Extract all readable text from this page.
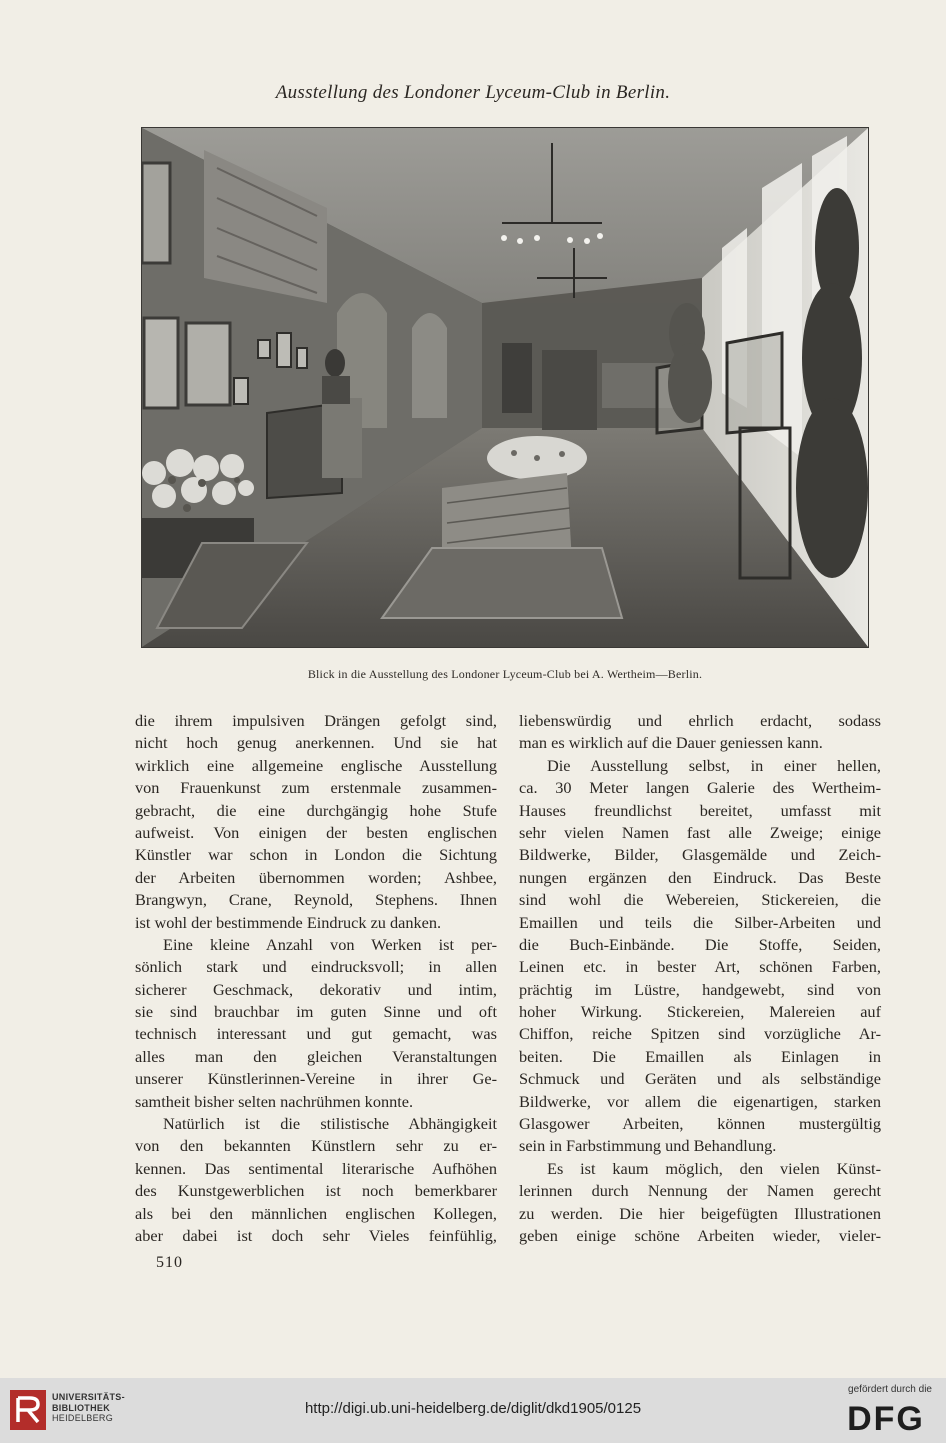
Ausstellung des Londoner Lyceum-Club in Berlin.
Blick in die Ausstellung des Londoner Lyceum-Club bei A. Wertheim—Berlin.
die ihrem impulsiven Drängen gefolgt sind,
nicht hoch genug anerkennen. Und sie hat
wirklich eine allgemeine englische Ausstellung
von Frauenkunst zum erstenmale zusammen-
gebracht, die eine durchgängig hohe Stufe
aufweist. Von einigen der besten englischen
Künstler war schon in London die Sichtung
der Arbeiten übernommen worden; Ashbee,
Brangwyn, Crane, Reynold, Stephens. Ihnen
ist wohl der bestimmende Eindruck zu danken.
Eine kleine Anzahl von Werken ist per-
sönlich stark und eindrucksvoll; in allen
sicherer Geschmack, dekorativ und intim,
sie sind brauchbar im guten Sinne und oft
technisch interessant und gut gemacht, was
alles man den gleichen Veranstaltungen
unserer Künstlerinnen-Vereine in ihrer Ge-
samtheit bisher selten nachrühmen konnte.
Natürlich ist die stilistische Abhängigkeit
von den bekannten Künstlern sehr zu er-
kennen. Das sentimental literarische Aufhöhen
des Kunstgewerblichen ist noch bemerkbarer
als bei den männlichen englischen Kollegen,
aber dabei ist doch sehr Vieles feinfühlig,
liebenswürdig und ehrlich erdacht, sodass
man es wirklich auf die Dauer geniessen kann.
Die Ausstellung selbst, in einer hellen,
ca. 30 Meter langen Galerie des Wertheim-
Hauses freundlichst bereitet, umfasst mit
sehr vielen Namen fast alle Zweige; einige
Bildwerke, Bilder, Glasgemälde und Zeich-
nungen ergänzen den Eindruck. Das Beste
sind wohl die Webereien, Stickereien, die
Emaillen und teils die Silber-Arbeiten und
die Buch-Einbände. Die Stoffe, Seiden,
Leinen etc. in bester Art, schönen Farben,
prächtig im Lüstre, handgewebt, sind von
hoher Wirkung. Stickereien, Malereien auf
Chiffon, reiche Spitzen sind vorzügliche Ar-
beiten. Die Emaillen als Einlagen in
Schmuck und Geräten und als selbständige
Bildwerke, vor allem die eigenartigen, starken
Glasgower Arbeiten, können mustergültig
sein in Farbstimmung und Behandlung.
Es ist kaum möglich, den vielen Künst-
lerinnen durch Nennung der Namen gerecht
zu werden. Die hier beigefügten Illustrationen
geben einige schöne Arbeiten wieder, vieler-
510
UNIVERSITÄTS-
BIBLIOTHEK
HEIDELBERG
http://digi.ub.uni-heidelberg.de/diglit/dkd1905/0125
gefördert durch die
DFG
